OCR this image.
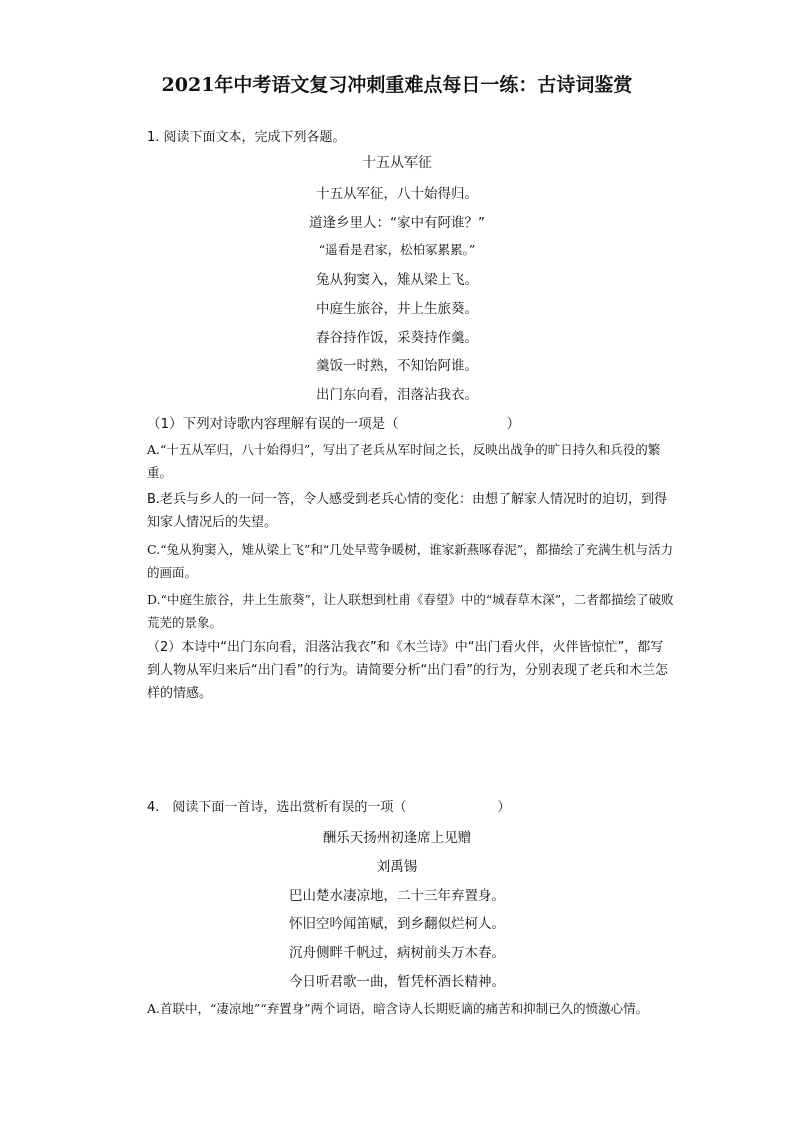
2021年中考语文复习冲刺重难点每日一练：古诗词鉴赏
1. 阅读下面文本，完成下列各题。
十五从军征
十五从军征，八十始得归。
道逢乡里人：“家中有阿谁？”
“遥看是君家，松柏冢累累。”
兔从狗窦入，雉从梁上飞。
中庭生旅谷，井上生旅葵。
舂谷持作饭，采葵持作羹。
羹饭一时熟，不知饴阿谁。
出门东向看，泪落沾我衣。
（1）下列对诗歌内容理解有误的一项是（　　　　　　　　）
A.“十五从军归，八十始得归”，写出了老兵从军时间之长，反映出战争的旷日持久和兵役的繁重。
B.老兵与乡人的一问一答，令人感受到老兵心情的变化：由想了解家人情况时的迫切，到得知家人情况后的失望。
C.“兔从狗窦入，雉从梁上飞”和“几处早莺争暖树，谁家新燕啄春泥”，都描绘了充满生机与活力的画面。
D.“中庭生旅谷，井上生旅葵”，让人联想到杜甫《春望》中的“城春草木深”，二者都描绘了破败荒芜的景象。
（2）本诗中“出门东向看，泪落沾我衣”和《木兰诗》中“出门看火伴，火伴皆惊忙”，都写到人物从军归来后“出门看”的行为。请简要分析“出门看”的行为，分别表现了老兵和木兰怎样的情感。
4.　阅读下面一首诗，选出赏析有误的一项（　　　　　　　）
酬乐天扬州初逢席上见赠
刘禹锡
巴山楚水凄凉地，二十三年弃置身。
怀旧空吟闻笛赋，到乡翻似烂柯人。
沉舟侧畔千帆过，病树前头万木春。
今日听君歌一曲，暂凭杯酒长精神。
A.首联中，“凄凉地”“弃置身”两个词语，暗含诗人长期贬谪的痛苦和抑制已久的愤激心情。
